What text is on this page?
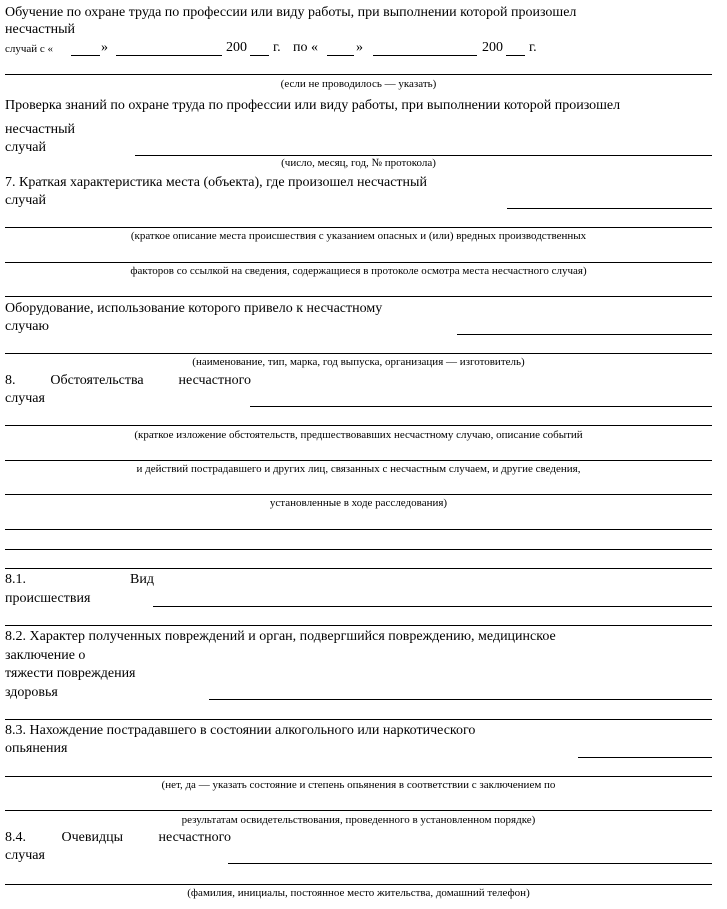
Обучение по охране труда по профессии или виду работы, при выполнении которой произошел
несчастный
случай с «	»	200 г. по «	»	200 г.
(если не проводилось — указать)
Проверка знаний по охране труда по профессии или виду работы, при выполнении которой произошел
несчастный
случай
(число, месяц, год, № протокола)
7. Краткая характеристика места (объекта), где произошел несчастный
случай
(краткое описание места происшествия с указанием опасных и (или) вредных производственных
факторов со ссылкой на сведения, содержащиеся в протоколе осмотра места несчастного случая)
Оборудование, использование которого привело к несчастному
случаю
(наименование, тип, марка, год выпуска, организация — изготовитель)
8. Обстоятельства несчастного
случая
(краткое изложение обстоятельств, предшествовавших несчастному случаю, описание событий
и действий пострадавшего и других лиц, связанных с несчастным случаем, и другие сведения,
установленные в ходе расследования)
8.1.	Вид
происшествия
8.2. Характер полученных повреждений и орган, подвергшийся повреждению, медицинское
заключение о
тяжести повреждения
здоровья
8.3. Нахождение пострадавшего в состоянии алкогольного или наркотического
опьянения
(нет, да — указать состояние и степень опьянения в соответствии с заключением по
результатам освидетельствования, проведенного в установленном порядке)
8.4.	Очевидцы	несчастного
случая
(фамилия, инициалы, постоянное место жительства, домашний телефон)
